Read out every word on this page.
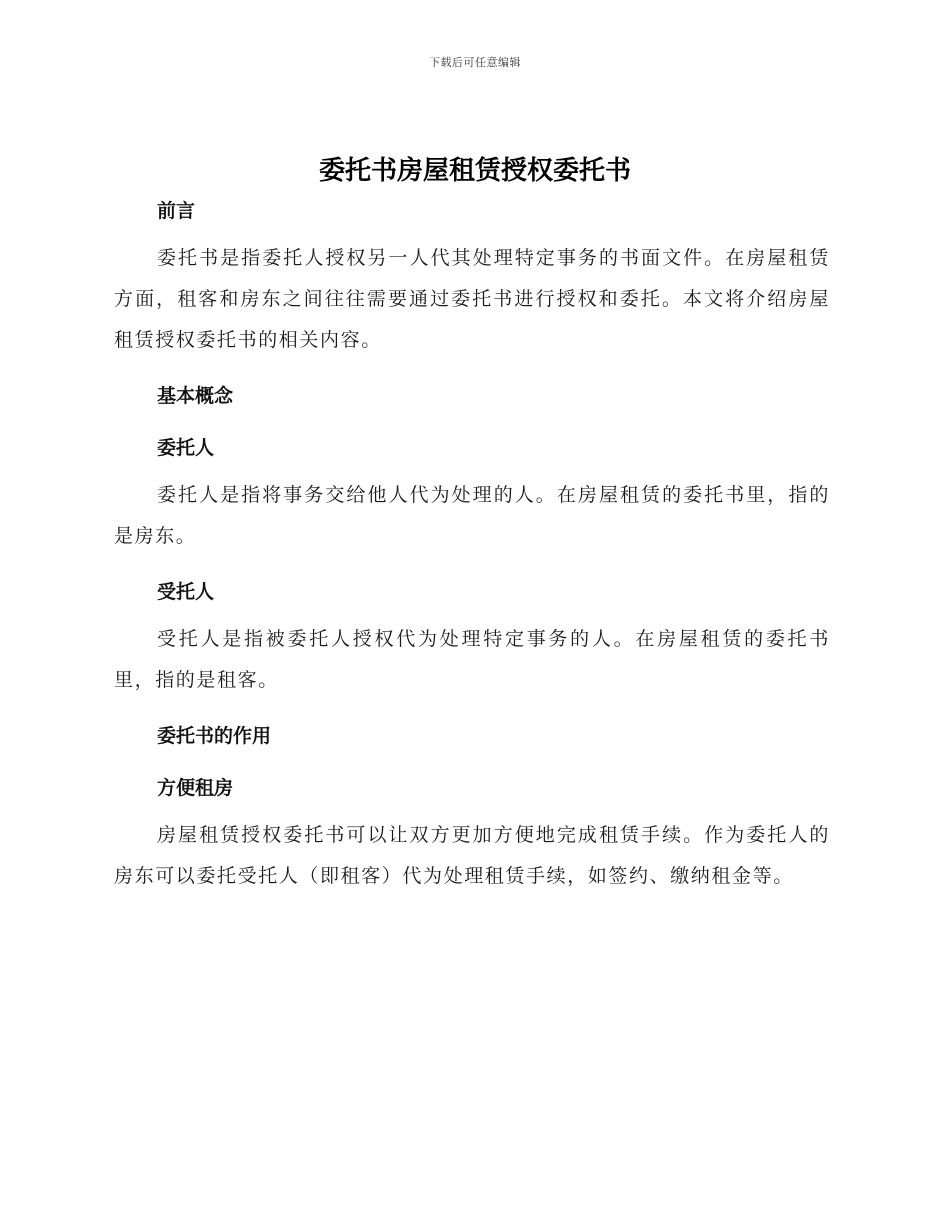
下载后可任意编辑
委托书房屋租赁授权委托书
前言

委托书是指委托人授权另一人代其处理特定事务的书面文件。在房屋租赁方面，租客和房东之间往往需要通过委托书进行授权和委托。本文将介绍房屋租赁授权委托书的相关内容。

基本概念
委托人

委托人是指将事务交给他人代为处理的人。在房屋租赁的委托书里，指的是房东。

受托人

受托人是指被委托人授权代为处理特定事务的人。在房屋租赁的委托书里，指的是租客。

委托书的作用
方便租房

房屋租赁授权委托书可以让双方更加方便地完成租赁手续。作为委托人的房东可以委托受托人（即租客）代为处理租赁手续，如签约、缴纳租金等。
